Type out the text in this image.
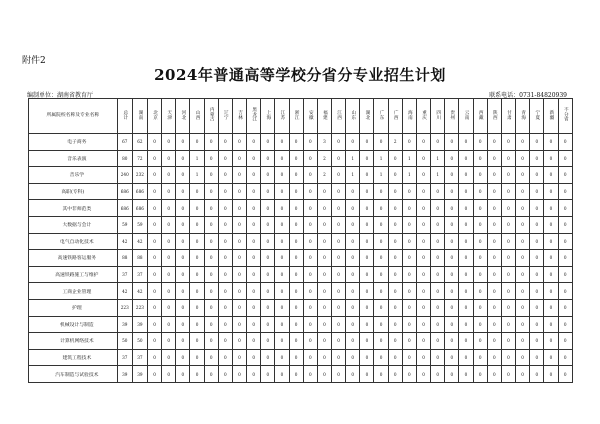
附件2
2024年普通高等学校分省分专业招生计划
编制单位：湖南省教育厅	联系电话：0731-84820939
所属院校名称及专业名称	总计	湖南	北京	天津	河北	山西	内蒙古	辽宁	吉林	黑龙江	上海	江苏	浙江	安徽	福建	江西	山东	湖北	广东	广西	海南	重庆	四川	贵州	云南	西藏	陕西	甘肃	青海	宁夏	新疆	不分省
电子商务	67	62	0	0	0	0	0	0	0	0	0	0	0	0	3	0	0	0	0	2	0	0	0	0	0	0	0	0	0	0	0	0
音乐表演	80	72	0	0	0	1	0	0	0	0	0	0	0	0	2	0	1	0	1	0	1	0	1	0	0	0	0	0	0	0	0	0
音乐学	240	232	0	0	0	1	0	0	0	0	0	0	0	0	2	0	1	0	1	0	1	0	1	0	0	0	0	0	0	0	0	0
高职(专科)	686	686	0	0	0	0	0	0	0	0	0	0	0	0	0	0	0	0	0	0	0	0	0	0	0	0	0	0	0	0	0	0
其中非师范类	686	686	0	0	0	0	0	0	0	0	0	0	0	0	0	0	0	0	0	0	0	0	0	0	0	0	0	0	0	0	0	0
大数据与会计	59	59	0	0	0	0	0	0	0	0	0	0	0	0	0	0	0	0	0	0	0	0	0	0	0	0	0	0	0	0	0	0
电气自动化技术	42	42	0	0	0	0	0	0	0	0	0	0	0	0	0	0	0	0	0	0	0	0	0	0	0	0	0	0	0	0	0	0
高速铁路客运服务	88	88	0	0	0	0	0	0	0	0	0	0	0	0	0	0	0	0	0	0	0	0	0	0	0	0	0	0	0	0	0	0
高速铁路施工与维护	37	37	0	0	0	0	0	0	0	0	0	0	0	0	0	0	0	0	0	0	0	0	0	0	0	0	0	0	0	0	0	0
工商企业管理	42	42	0	0	0	0	0	0	0	0	0	0	0	0	0	0	0	0	0	0	0	0	0	0	0	0	0	0	0	0	0	0
护理	223	223	0	0	0	0	0	0	0	0	0	0	0	0	0	0	0	0	0	0	0	0	0	0	0	0	0	0	0	0	0	0
机械设计与制造	39	39	0	0	0	0	0	0	0	0	0	0	0	0	0	0	0	0	0	0	0	0	0	0	0	0	0	0	0	0	0	0
计算机网络技术	50	50	0	0	0	0	0	0	0	0	0	0	0	0	0	0	0	0	0	0	0	0	0	0	0	0	0	0	0	0	0	0
建筑工程技术	37	37	0	0	0	0	0	0	0	0	0	0	0	0	0	0	0	0	0	0	0	0	0	0	0	0	0	0	0	0	0	0
汽车制造与试验技术	39	39	0	0	0	0	0	0	0	0	0	0	0	0	0	0	0	0	0	0	0	0	0	0	0	0	0	0	0	0	0	0
